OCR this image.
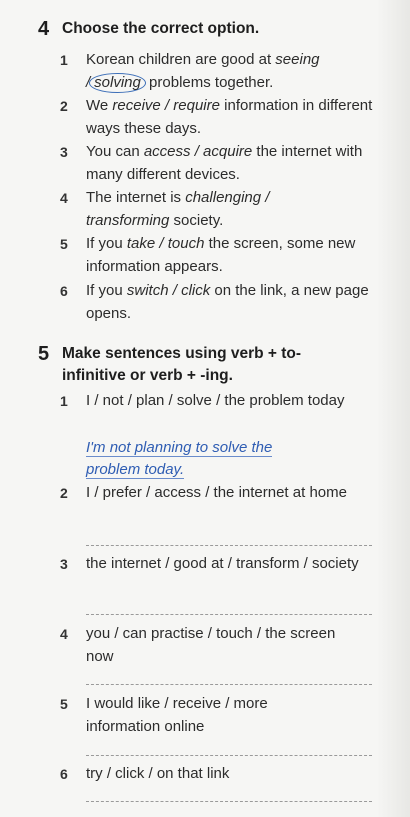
4 Choose the correct option.
1	Korean children are good at seeing
/ solving problems together.
2	We receive / require information in different ways these days.
3	You can access / acquire the internet with many different devices.
4	The internet is challenging /
transforming society.
5	If you take / touch the screen, some new information appears.
6	If you switch / click on the link, a new page opens.
5 Make sentences using verb + to-
infinitive or verb + -ing.
1	I / not / plan / solve / the problem today
I'm not planning to solve the
problem today.
2	I / prefer / access / the internet at home
3	the internet / good at / transform / society
4	you / can practise / touch / the screen now
5	I would like / receive / more information online
6	try / click / on that link
